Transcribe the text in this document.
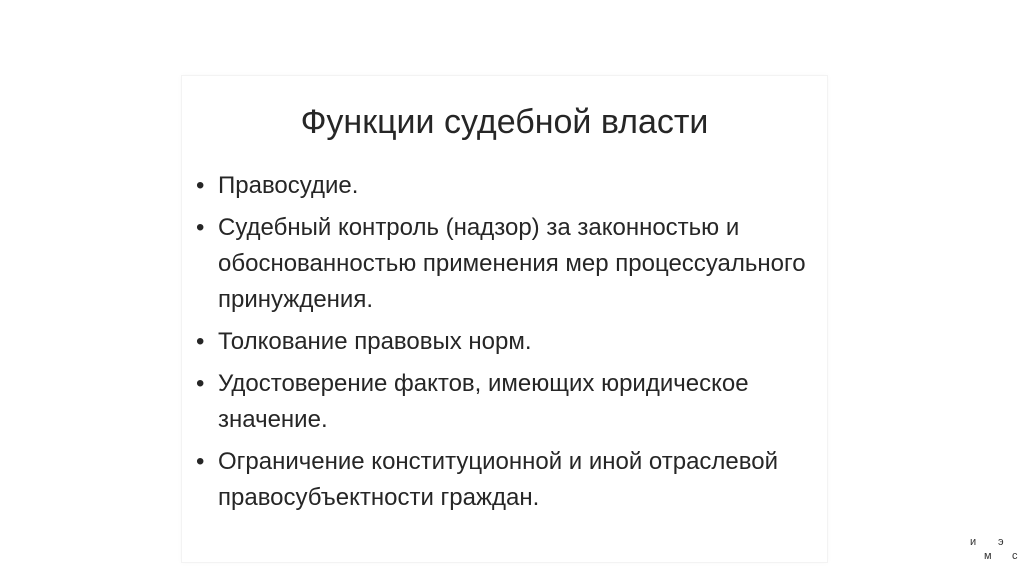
Функции судебной власти
• Правосудие.
• Судебный контроль (надзор) за законностью и обоснованностью применения мер процессуального принуждения.
• Толкование правовых норм.
• Удостоверение фактов, имеющих юридическое значение.
• Ограничение конституционной и иной отраслевой правосубъектности граждан.
и э
м с
